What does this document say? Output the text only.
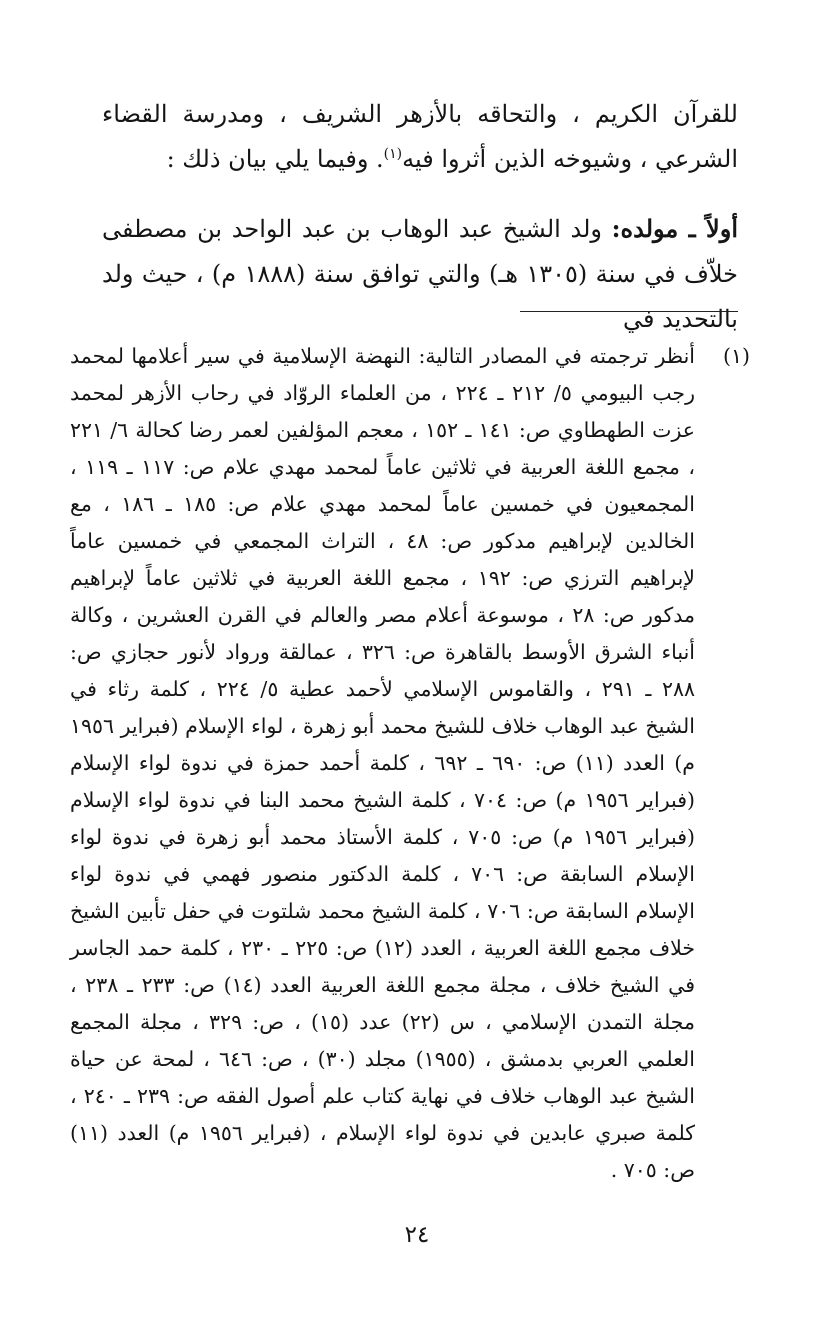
للقرآن الكريم ، والتحاقه بالأزهر الشريف ، ومدرسة القضاء الشرعي ، وشيوخه الذين أثروا فيه$^{(١)}$. وفيما يلي بيان ذلك :

أولاً ـ مولده: ولد الشيخ عبد الوهاب بن عبد الواحد بن مصطفى خلاّف في سنة (١٣٠٥ هـ) والتي توافق سنة (١٨٨٨ م) ، حيث ولد بالتحديد في

(١)
أنظر ترجمته في المصادر التالية: النهضة الإسلامية في سير أعلامها لمحمد رجب البيومي ٥/ ٢١٢ ـ ٢٢٤ ، من العلماء الروّاد في رحاب الأزهر لمحمد عزت الطهطاوي ص: ١٤١ ـ ١٥٢ ، معجم المؤلفين لعمر رضا كحالة ٦/ ٢٢١ ، مجمع اللغة العربية في ثلاثين عاماً لمحمد مهدي علام ص: ١١٧ ـ ١١٩ ، المجمعيون في خمسين عاماً لمحمد مهدي علام ص: ١٨٥ ـ ١٨٦ ، مع الخالدين لإبراهيم مدكور ص: ٤٨ ، التراث المجمعي في خمسين عاماً لإبراهيم الترزي ص: ١٩٢ ، مجمع اللغة العربية في ثلاثين عاماً لإبراهيم مدكور ص: ٢٨ ، موسوعة أعلام مصر والعالم في القرن العشرين ، وكالة أنباء الشرق الأوسط بالقاهرة ص: ٣٢٦ ، عمالقة ورواد لأنور حجازي ص: ٢٨٨ ـ ٢٩١ ، والقاموس الإسلامي لأحمد عطية ٥/ ٢٢٤ ، كلمة رثاء في الشيخ عبد الوهاب خلاف للشيخ محمد أبو زهرة ، لواء الإسلام (فبراير ١٩٥٦ م) العدد (١١) ص: ٦٩٠ ـ ٦٩٢ ، كلمة أحمد حمزة في ندوة لواء الإسلام (فبراير ١٩٥٦ م) ص: ٧٠٤ ، كلمة الشيخ محمد البنا في ندوة لواء الإسلام (فبراير ١٩٥٦ م) ص: ٧٠٥ ، كلمة الأستاذ محمد أبو زهرة في ندوة لواء الإسلام السابقة ص: ٧٠٦ ، كلمة الدكتور منصور فهمي في ندوة لواء الإسلام السابقة ص: ٧٠٦ ، كلمة الشيخ محمد شلتوت في حفل تأبين الشيخ خلاف مجمع اللغة العربية ، العدد (١٢) ص: ٢٢٥ ـ ٢٣٠ ، كلمة حمد الجاسر في الشيخ خلاف ، مجلة مجمع اللغة العربية العدد (١٤) ص: ٢٣٣ ـ ٢٣٨ ، مجلة التمدن الإسلامي ، س (٢٢) عدد (١٥) ، ص: ٣٢٩ ، مجلة المجمع العلمي العربي بدمشق ، (١٩٥٥) مجلد (٣٠) ، ص: ٦٤٦ ، لمحة عن حياة الشيخ عبد الوهاب خلاف في نهاية كتاب علم أصول الفقه ص: ٢٣٩ ـ ٢٤٠ ، كلمة صبري عابدين في ندوة لواء الإسلام ، (فبراير ١٩٥٦ م) العدد (١١) ص: ٧٠٥ .
٢٤
